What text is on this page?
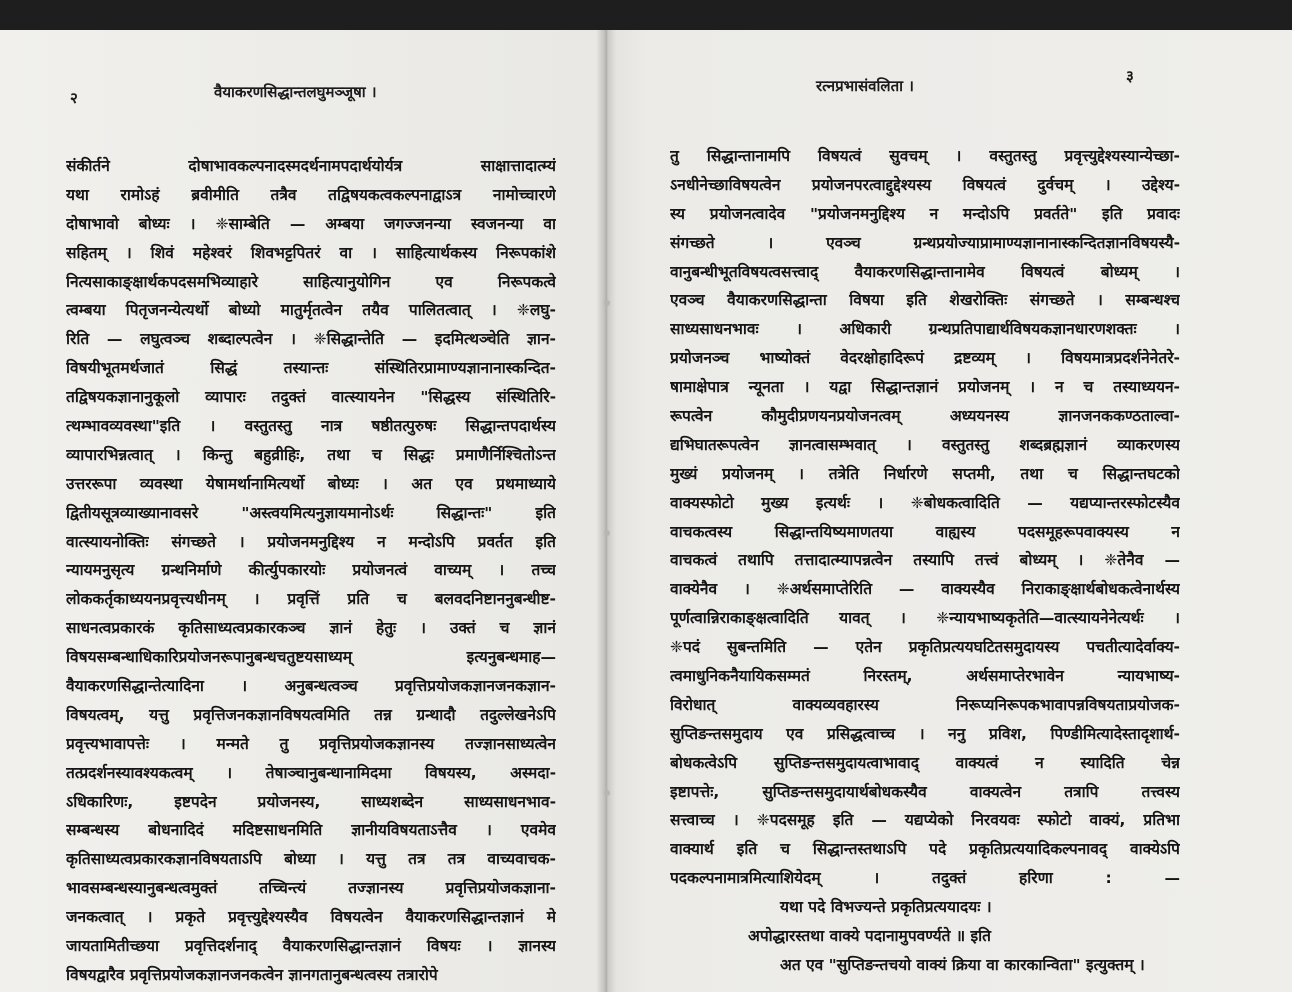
२	वैयाकरणसिद्धान्तलघुमञ्जूषा ।
संकीर्तने दोषाभावकल्पनादस्मदर्थनामपदार्थयोर्यत्र साक्षात्तादात्म्यं
यथा रामोऽहं ब्रवीमीति तत्रैव तद्विषयकत्वकल्पनाद्वाऽत्र नामोच्चारणे
दोषाभावो बोध्यः । ❈साम्बेति — अम्बया जगज्जनन्या स्वजनन्या वा
सहितम् । शिवं महेश्वरं शिवभट्टपितरं वा । साहित्यार्थकस्य निरूपकांशे
नित्यसाकाङ्क्षार्थकपदसमभिव्याहारे साहित्यानुयोगिन एव निरूपकत्वे
त्वम्बया पितृजनन्येत्यर्थो बोध्यो मातुर्मृतत्वेन तयैव पालितत्वात् । ❈लघु-
रिति — लघुत्वञ्च शब्दाल्पत्वेन । ❈सिद्धान्तेति — इदमित्थञ्चेति ज्ञान-
विषयीभूतमर्थजातं सिद्धं तस्यान्तः संस्थितिरप्रामाण्यज्ञानानास्कन्दित-
तद्विषयकज्ञानानुकूलो व्यापारः तदुक्तं वात्स्यायनेन "सिद्धस्य संस्थितिरि-
त्थम्भावव्यवस्था"इति । वस्तुतस्तु नात्र षष्ठीतत्पुरुषः सिद्धान्तपदार्थस्य
व्यापारभिन्नत्वात् । किन्तु बहुव्रीहिः, तथा च सिद्धः प्रमाणैर्निश्चितोऽन्त
उत्तररूपा व्यवस्था येषामर्थानामित्यर्थो बोध्यः । अत एव प्रथमाध्याये
द्वितीयसूत्रव्याख्यानावसरे "अस्त्वयमित्यनुज्ञायमानोऽर्थः सिद्धान्तः" इति
वात्स्यायनोक्तिः संगच्छते । प्रयोजनमनुद्दिश्य न मन्दोऽपि प्रवर्तत इति
न्यायमनुसृत्य ग्रन्थनिर्माणे कीर्त्युपकारयोः प्रयोजनत्वं वाच्यम् । तच्च
लोककर्तृकाध्ययनप्रवृत्त्यधीनम् । प्रवृत्तिं प्रति च बलवदनिष्टाननुबन्धीष्ट-
साधनत्वप्रकारकं कृतिसाध्यत्वप्रकारकञ्च ज्ञानं हेतुः । उक्तं च ज्ञानं
विषयसम्बन्धाधिकारिप्रयोजनरूपानुबन्धचतुष्टयसाध्यम् इत्यनुबन्धमाह—
वैयाकरणसिद्धान्तेत्यादिना । अनुबन्धत्वञ्च प्रवृत्तिप्रयोजकज्ञानजनकज्ञान-
विषयत्वम्, यत्तु प्रवृत्तिजनकज्ञानविषयत्वमिति तन्न ग्रन्थादौ तदुल्लेखनेऽपि
प्रवृत्त्यभावापत्तेः । मन्मते तु प्रवृत्तिप्रयोजकज्ञानस्य तज्ज्ञानसाध्यत्वेन
तत्प्रदर्शनस्यावश्यकत्वम् । तेषाञ्चानुबन्धानामिदमा विषयस्य, अस्मदा-
ऽधिकारिणः, इष्टपदेन प्रयोजनस्य, साध्यशब्देन साध्यसाधनभाव-
सम्बन्धस्य बोधनादिदं मदिष्टसाधनमिति ज्ञानीयविषयताऽत्तैव । एवमेव
कृतिसाध्यत्वप्रकारकज्ञानविषयताऽपि बोध्या । यत्तु तत्र तत्र वाच्यवाचक-
भावसम्बन्धस्यानुबन्धत्वमुक्तं तच्चिन्त्यं तज्ज्ञानस्य प्रवृत्तिप्रयोजकज्ञाना-
जनकत्वात् । प्रकृते प्रवृत्त्युद्देश्यस्यैव विषयत्वेन वैयाकरणसिद्धान्तज्ञानं मे
जायतामितीच्छया प्रवृत्तिदर्शनाद् वैयाकरणसिद्धान्तज्ञानं विषयः । ज्ञानस्य
विषयद्वारैव प्रवृत्तिप्रयोजकज्ञानजनकत्वेन ज्ञानगतानुबन्धत्वस्य तत्रारोपे
रत्नप्रभासंवलिता ।
३
तु सिद्धान्तानामपि विषयत्वं सुवचम् । वस्तुतस्तु प्रवृत्त्युद्देश्यस्यान्येच्छा-
ऽनधीनेच्छाविषयत्वेन प्रयोजनपरत्वाद्दुद्देश्यस्य विषयत्वं दुर्वचम् । उद्देश्य-
स्य प्रयोजनत्वादेव "प्रयोजनमनुद्दिश्य न मन्दोऽपि प्रवर्तते" इति प्रवादः
संगच्छते । एवञ्च ग्रन्थप्रयोज्याप्रामाण्यज्ञानानास्कन्दितज्ञानविषयस्यै-
वानुबन्धीभूतविषयत्वसत्त्वाद् वैयाकरणसिद्धान्तानामेव विषयत्वं बोध्यम् ।
एवञ्च वैयाकरणसिद्धान्ता विषया इति शेखरोक्तिः संगच्छते । सम्बन्धश्च
साध्यसाधनभावः । अधिकारी ग्रन्थप्रतिपाद्यार्थविषयकज्ञानधारणशक्तः ।
प्रयोजनञ्च भाष्योक्तं वेदरक्षोहादिरूपं द्रष्टव्यम् । विषयमात्रप्रदर्शनेनेतरे-
षामाक्षेपात्र न्यूनता । यद्वा सिद्धान्तज्ञानं प्रयोजनम् । न च तस्याध्ययन-
रूपत्वेन कौमुदीप्रणयनप्रयोजनत्वम् अध्ययनस्य ज्ञानजनककण्ठताल्वा-
द्यभिघातरूपत्वेन ज्ञानत्वासम्भवात् । वस्तुतस्तु शब्दब्रह्मज्ञानं व्याकरणस्य
मुख्यं प्रयोजनम् । तत्रेति निर्धारणे सप्तमी, तथा च सिद्धान्तघटको
वाक्यस्फोटो मुख्य इत्यर्थः । ❈बोधकत्वादिति — यद्यप्यान्तरस्फोटस्यैव
वाचकत्वस्य सिद्धान्तयिष्यमाणतया वाह्यस्य पदसमूहरूपवाक्यस्य न
वाचकत्वं तथापि तत्तादात्म्यापन्नत्वेन तस्यापि तत्त्वं बोध्यम् । ❈तेनैव —
वाक्येनैव । ❈अर्थसमाप्तेरिति — वाक्यस्यैव निराकाङ्क्षार्थबोधकत्वेनार्थस्य
पूर्णत्वान्निराकाङ्क्षत्वादिति यावत् । ❈न्यायभाष्यकृतेति—वात्स्यायनेनेत्यर्थः ।
❈पदं सुबन्तमिति — एतेन प्रकृतिप्रत्ययघटितसमुदायस्य पचतीत्यादेर्वाक्य-
त्वमाधुनिकनैयायिकसम्मतं निरस्तम्, अर्थसमाप्तेरभावेन न्यायभाष्य-
विरोधात् वाक्यव्यवहारस्य निरूप्यनिरूपकभावापन्नविषयताप्रयोजक-
सुप्तिङन्तसमुदाय एव प्रसिद्धत्वाच्च । ननु प्रविश, पिण्डीमित्यादेस्तादृशार्थ-
बोधकत्वेऽपि सुप्तिङन्तसमुदायत्वाभावाद् वाक्यत्वं न स्यादिति चेन्न
इष्टापत्तेः, सुप्तिङन्तसमुदायार्थबोधकस्यैव वाक्यत्वेन तत्रापि तत्त्वस्य
सत्त्वाच्च । ❈पदसमूह इति — यद्यप्येको निरवयवः स्फोटो वाक्यं, प्रतिभा
वाक्यार्थ इति च सिद्धान्तस्तथाऽपि पदे प्रकृतिप्रत्ययादिकल्पनावद् वाक्येऽपि
पदकल्पनामात्रमित्याशियेदम् । तदुक्तं हरिणा : —
यथा पदे विभज्यन्ते प्रकृतिप्रत्ययादयः ।
अपोद्धारस्तथा वाक्ये पदानामुपवर्ण्यते ॥ इति
अत एव "सुप्तिङन्तचयो वाक्यं क्रिया वा कारकान्विता" इत्युक्तम् ।
